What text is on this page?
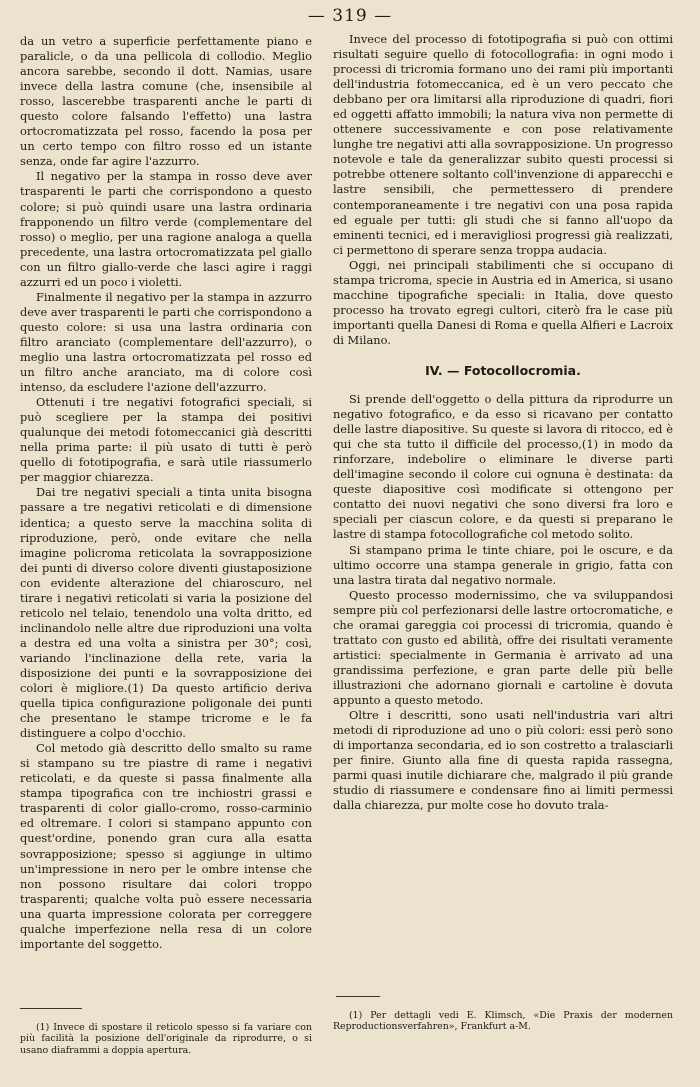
— 319 —

da un vetro a superficie perfettamente piano e paralicle, o da una pellicola di collodio. Meglio ancora sarebbe, secondo il dott. Namias, usare invece della lastra comune (che, insensibile al rosso, lascerebbe trasparenti anche le parti di questo colore falsando l'effetto) una lastra ortocromatizzata pel rosso, facendo la posa per un certo tempo con filtro rosso ed un istante senza, onde far agire l'azzurro.

Il negativo per la stampa in rosso deve aver trasparenti le parti che corrispondono a questo colore; si può quindi usare una lastra ordinaria frapponendo un filtro verde (complementare del rosso) o meglio, per una ragione analoga a quella precedente, una lastra ortocromatizzata pel giallo con un filtro giallo-verde che lasci agire i raggi azzurri ed un poco i violetti.

Finalmente il negativo per la stampa in azzurro deve aver trasparenti le parti che corrispondono a questo colore: si usa una lastra ordinaria con filtro aranciato (complementare dell'azzurro), o meglio una lastra ortocromatizzata pel rosso ed un filtro anche aranciato, ma di colore così intenso, da escludere l'azione dell'azzurro.

Ottenuti i tre negativi fotografici speciali, si può scegliere per la stampa dei positivi qualunque dei metodi fotomeccanici già descritti nella prima parte: il più usato di tutti è però quello di fototipografia, e sarà utile riassumerlo per maggior chiarezza.

Dai tre negativi speciali a tinta unita bisogna passare a tre negativi reticolati e di dimensione identica; a questo serve la macchina solita di riproduzione, però, onde evitare che nella imagine policroma reticolata la sovrapposizione dei punti di diverso colore diventi giustaposizione con evidente alterazione del chiaroscuro, nel tirare i negativi reticolati si varia la posizione del reticolo nel telaio, tenendolo una volta dritto, ed inclinandolo nelle altre due riproduzioni una volta a destra ed una volta a sinistra per 30°; così, variando l'inclinazione della rete, varia la disposizione dei punti e la sovrapposizione dei colori è migliore.(1) Da questo artificio deriva quella tipica configurazione poligonale dei punti che presentano le stampe tricrome e le fa distinguere a colpo d'occhio.

Col metodo già descritto dello smalto su rame si stampano su tre piastre di rame i negativi reticolati, e da queste si passa finalmente alla stampa tipografica con tre inchiostri grassi e trasparenti di color giallo-cromo, rosso-carminio ed oltremare. I colori si stampano appunto con quest'ordine, ponendo gran cura alla esatta sovrapposizione; spesso si aggiunge in ultimo un'impressione in nero per le ombre intense che non possono risultare dai colori troppo trasparenti; qualche volta può essere necessaria una quarta impressione colorata per correggere qualche imperfezione nella resa di un colore importante del soggetto.

Invece del processo di fototipografia si può con ottimi risultati seguire quello di fotocollografia: in ogni modo i processi di tricromia formano uno dei rami più importanti dell'industria fotomeccanica, ed è un vero peccato che debbano per ora limitarsi alla riproduzione di quadri, fiori ed oggetti affatto immobili; la natura viva non permette di ottenere successivamente e con pose relativamente lunghe tre negativi atti alla sovrapposizione. Un progresso notevole e tale da generalizzar subito questi processi si potrebbe ottenere soltanto coll'invenzione di apparecchi e lastre sensibili, che permettessero di prendere contemporaneamente i tre negativi con una posa rapida ed eguale per tutti: gli studi che si fanno all'uopo da eminenti tecnici, ed i meravigliosi progressi già realizzati, ci permettono di sperare senza troppa audacia.

Oggi, nei principali stabilimenti che si occupano di stampa tricroma, specie in Austria ed in America, si usano macchine tipografiche speciali: in Italia, dove questo processo ha trovato egregi cultori, citerò fra le case più importanti quella Danesi di Roma e quella Alfieri e Lacroix di Milano.

IV. — Fotocollocromia.

Si prende dell'oggetto o della pittura da riprodurre un negativo fotografico, e da esso si ricavano per contatto delle lastre diapositive. Su queste si lavora di ritocco, ed è qui che sta tutto il difficile del processo,(1) in modo da rinforzare, indebolire o eliminare le diverse parti dell'imagine secondo il colore cui ognuna è destinata: da queste diapositive così modificate si ottengono per contatto dei nuovi negativi che sono diversi fra loro e speciali per ciascun colore, e da questi si preparano le lastre di stampa fotocollografiche col metodo solito.

Si stampano prima le tinte chiare, poi le oscure, e da ultimo occorre una stampa generale in grigio, fatta con una lastra tirata dal negativo normale.

Questo processo modernissimo, che va sviluppandosi sempre più col perfezionarsi delle lastre ortocromatiche, e che oramai gareggia coi processi di tricromia, quando è trattato con gusto ed abilità, offre dei risultati veramente artistici: specialmente in Germania è arrivato ad una grandissima perfezione, e gran parte delle più belle illustrazioni che adornano giornali e cartoline è dovuta appunto a questo metodo.

Oltre i descritti, sono usati nell'industria vari altri metodi di riproduzione ad uno o più colori: essi però sono di importanza secondaria, ed io son costretto a tralasciarli per finire. Giunto alla fine di questa rapida rassegna, parmi quasi inutile dichiarare che, malgrado il più grande studio di riassumere e condensare fino ai limiti permessi dalla chiarezza, pur molte cose ho dovuto trala-

(1) Invece di spostare il reticolo spesso si fa variare con più facilità la posizione dell'originale da riprodurre, o si usano diaframmi a doppia apertura.

(1) Per dettagli vedi E. Klimsch, «Die Praxis der modernen Reproductionsverfahren», Frankfurt a-M.
